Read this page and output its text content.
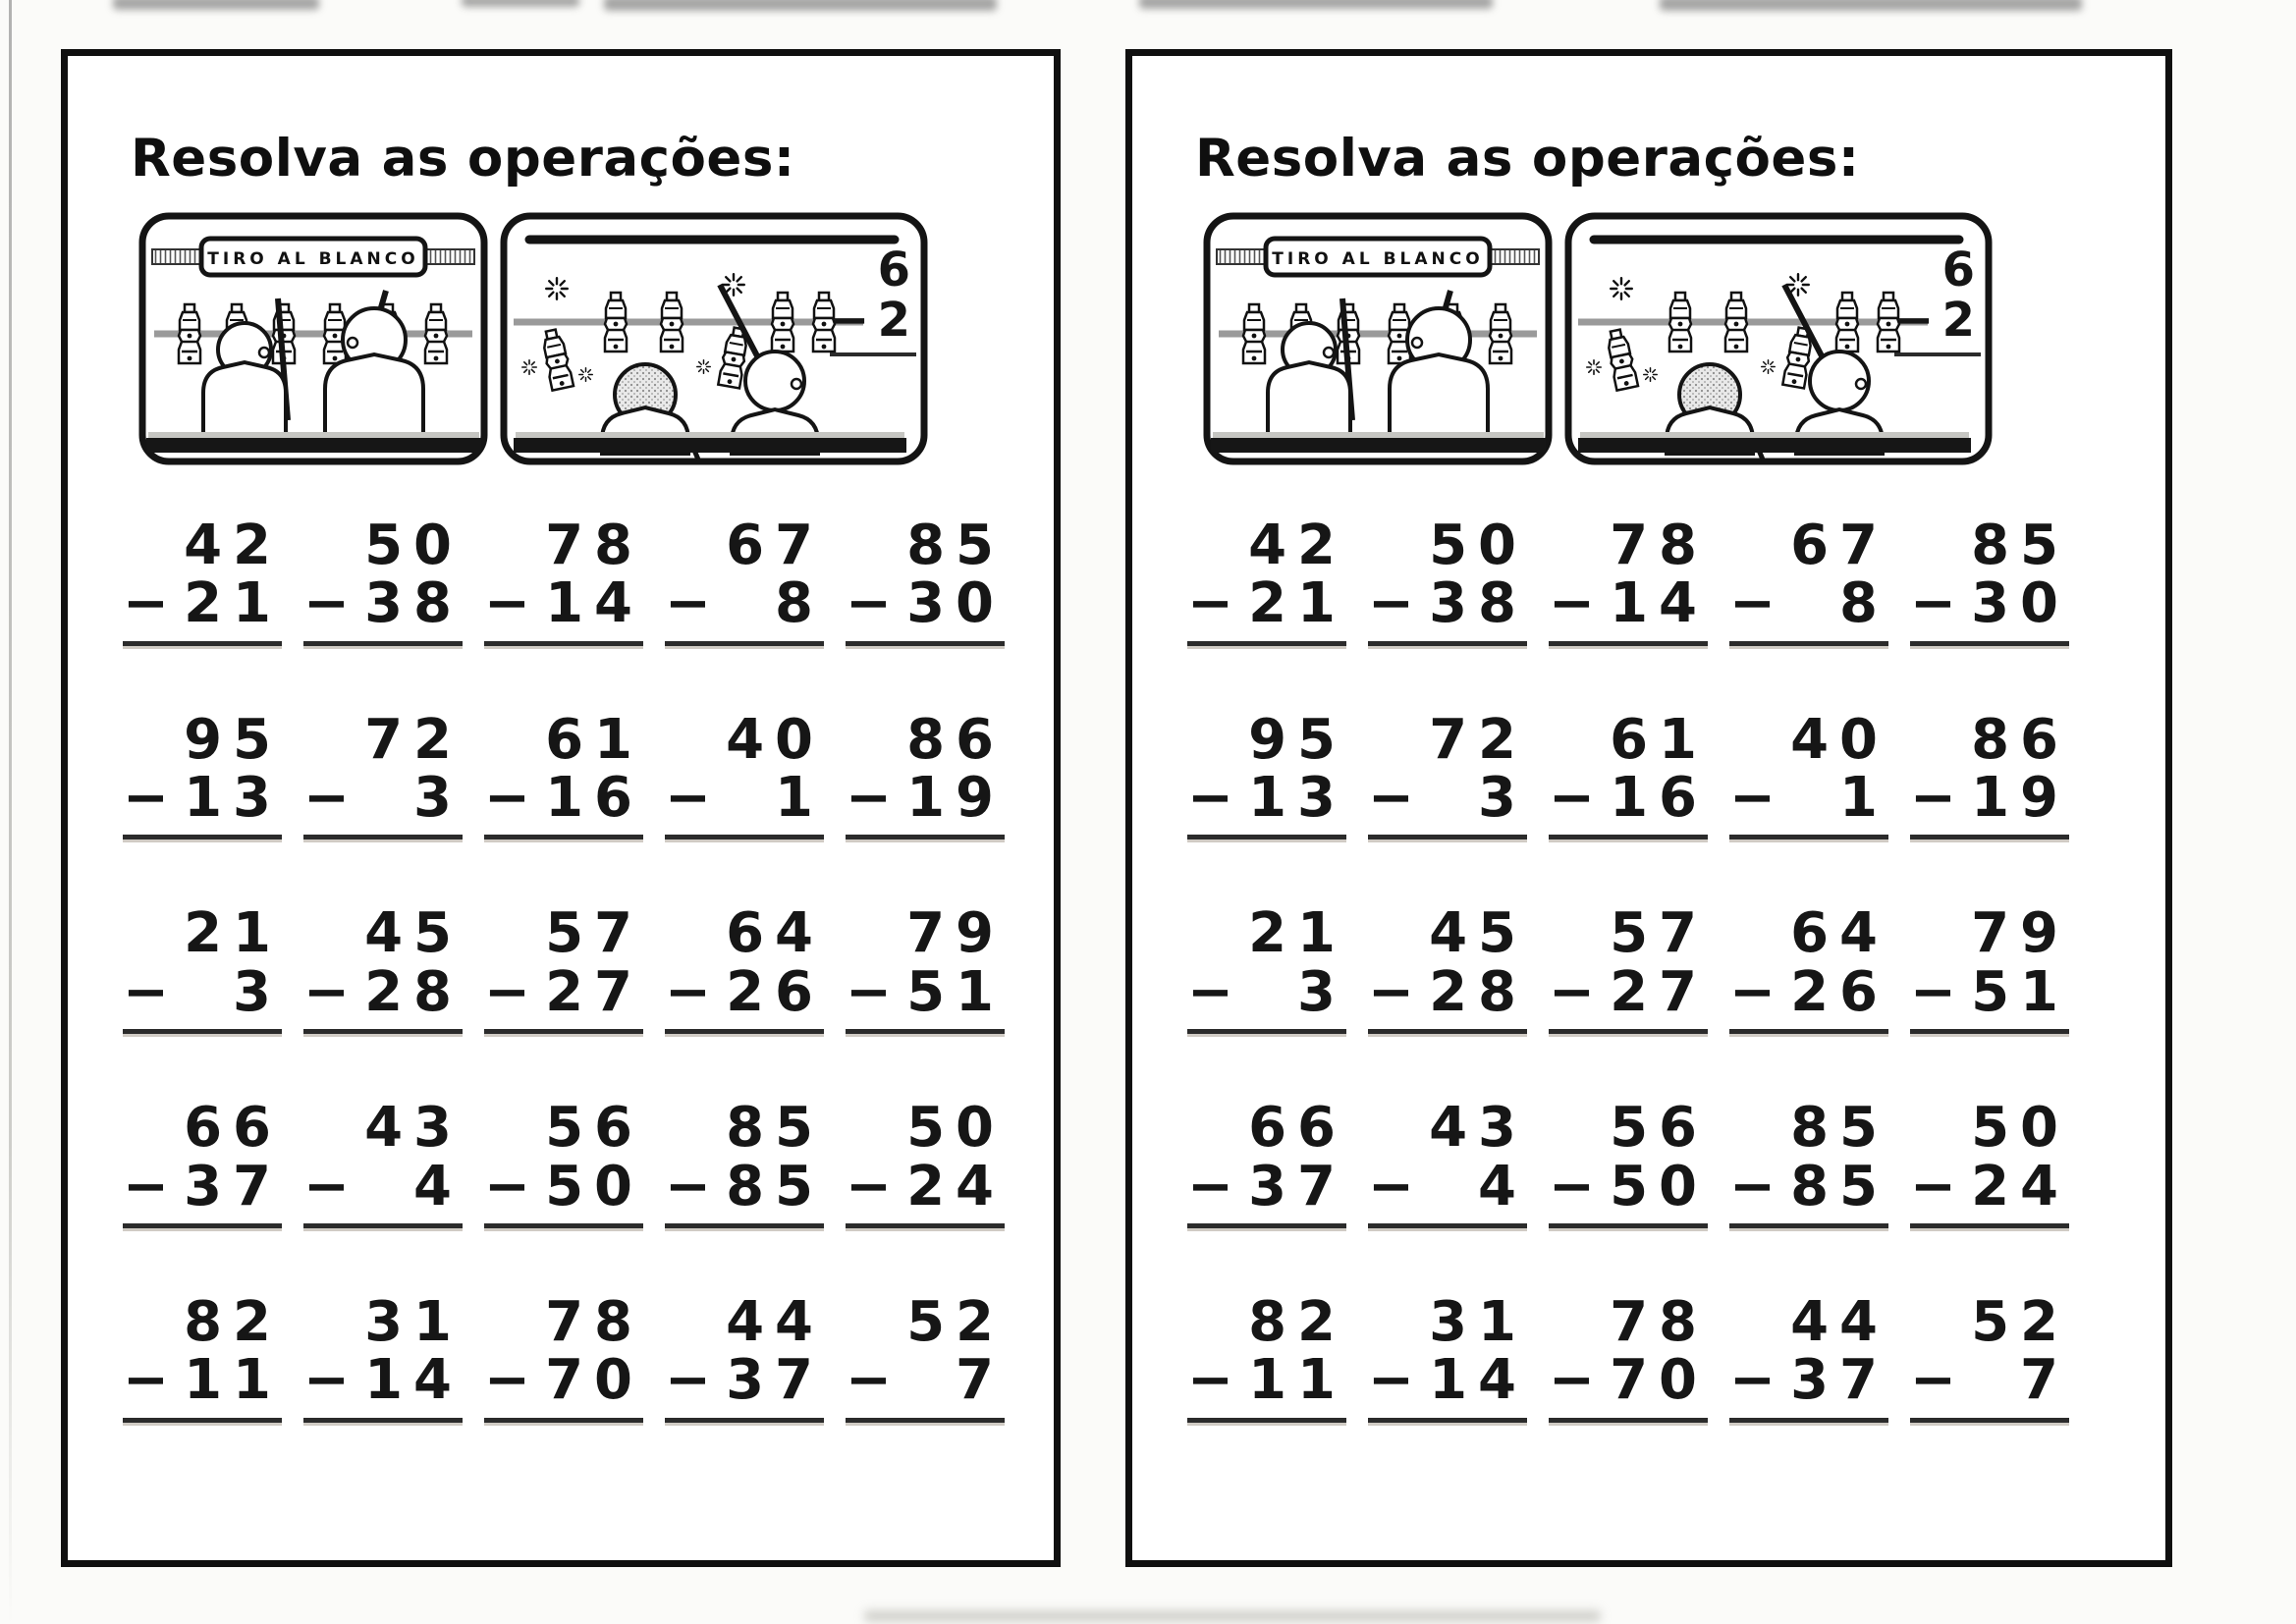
Resolva as operações:
TIRO AL BLANCO	6
− 2
42
− 21
50
− 38
78
− 14
67
− 8
85
− 30
95
− 13
72
− 3
61
− 16
40
− 1
86
− 19
21
− 3
45
− 28
57
− 27
64
− 26
79
− 51
66
− 37
43
− 4
56
− 50
85
− 85
50
− 24
82
− 11
31
− 14
78
− 70
44
− 37
52
− 7
Resolva as operações:
TIRO AL BLANCO	6
− 2
42
− 21
50
− 38
78
− 14
67
− 8
85
− 30
95
− 13
72
− 3
61
− 16
40
− 1
86
− 19
21
− 3
45
− 28
57
− 27
64
− 26
79
− 51
66
− 37
43
− 4
56
− 50
85
− 85
50
− 24
82
− 11
31
− 14
78
− 70
44
− 37
52
− 7
